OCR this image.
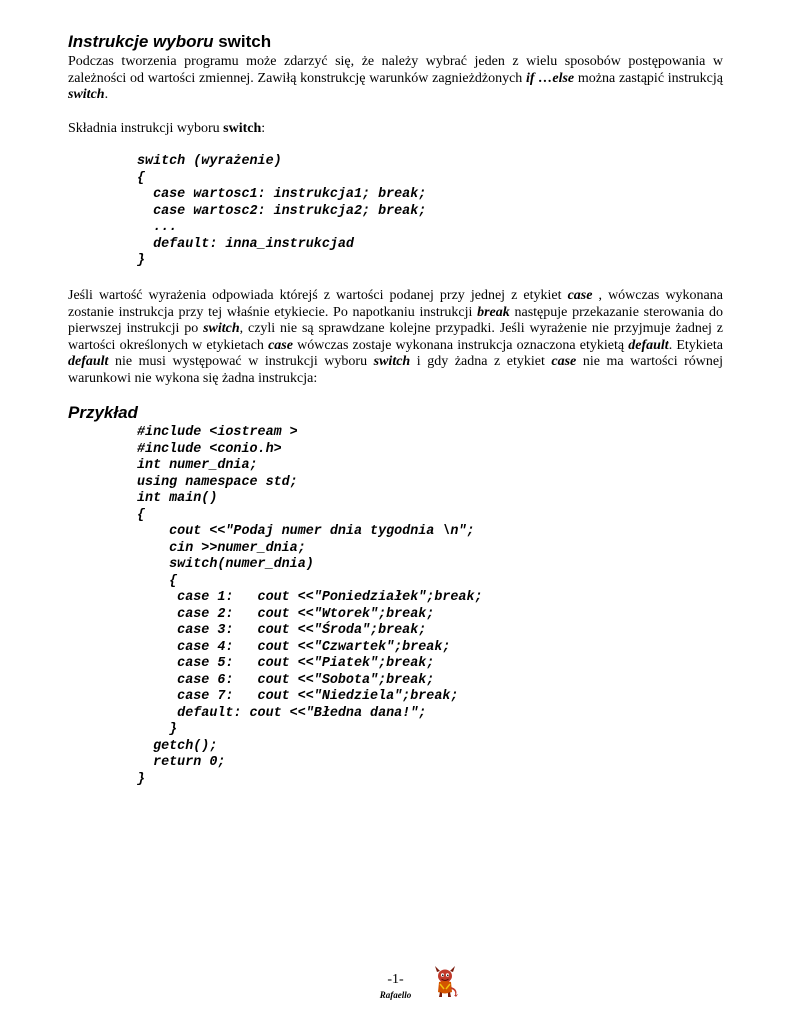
Instrukcje wyboru switch

Podczas tworzenia programu może zdarzyć się, że należy wybrać jeden z wielu sposobów postępowania w zależności od wartości zmiennej. Zawiłą konstrukcję warunków zagnieżdżonych if …else można zastąpić instrukcją switch.

Składnia instrukcji wyboru switch:

switch (wyrażenie)
{
case wartosc1: instrukcja1; break;
case wartosc2: instrukcja2; break;
...
default: inna_instrukcjad
}

Jeśli wartość wyrażenia odpowiada którejś z wartości podanej przy jednej z etykiet case , wówczas wykonana zostanie instrukcja przy tej właśnie etykiecie. Po napotkaniu instrukcji break następuje przekazanie sterowania do pierwszej instrukcji po switch, czyli nie są sprawdzane kolejne przypadki. Jeśli wyrażenie nie przyjmuje żadnej z wartości określonych w etykietach case wówczas zostaje wykonana instrukcja oznaczona etykietą default. Etykieta default nie musi występować w instrukcji wyboru switch i gdy żadna z etykiet case nie ma wartości równej warunkowi nie wykona się żadna instrukcja:

Przykład
#include <iostream >
#include <conio.h>
int numer_dnia;
using namespace std;
int main()
{
cout <<"Podaj numer dnia tygodnia \n";
cin >>numer_dnia;
switch(numer_dnia)
{
case 1:   cout <<"Poniedziałek";break;
case 2:   cout <<"Wtorek";break;
case 3:   cout <<"Środa";break;
case 4:   cout <<"Czwartek";break;
case 5:   cout <<"Piatek";break;
case 6:   cout <<"Sobota";break;
case 7:   cout <<"Niedziela";break;
default: cout <<"Błedna dana!";
}
getch();
return 0;
}
-1-
Rafaello
